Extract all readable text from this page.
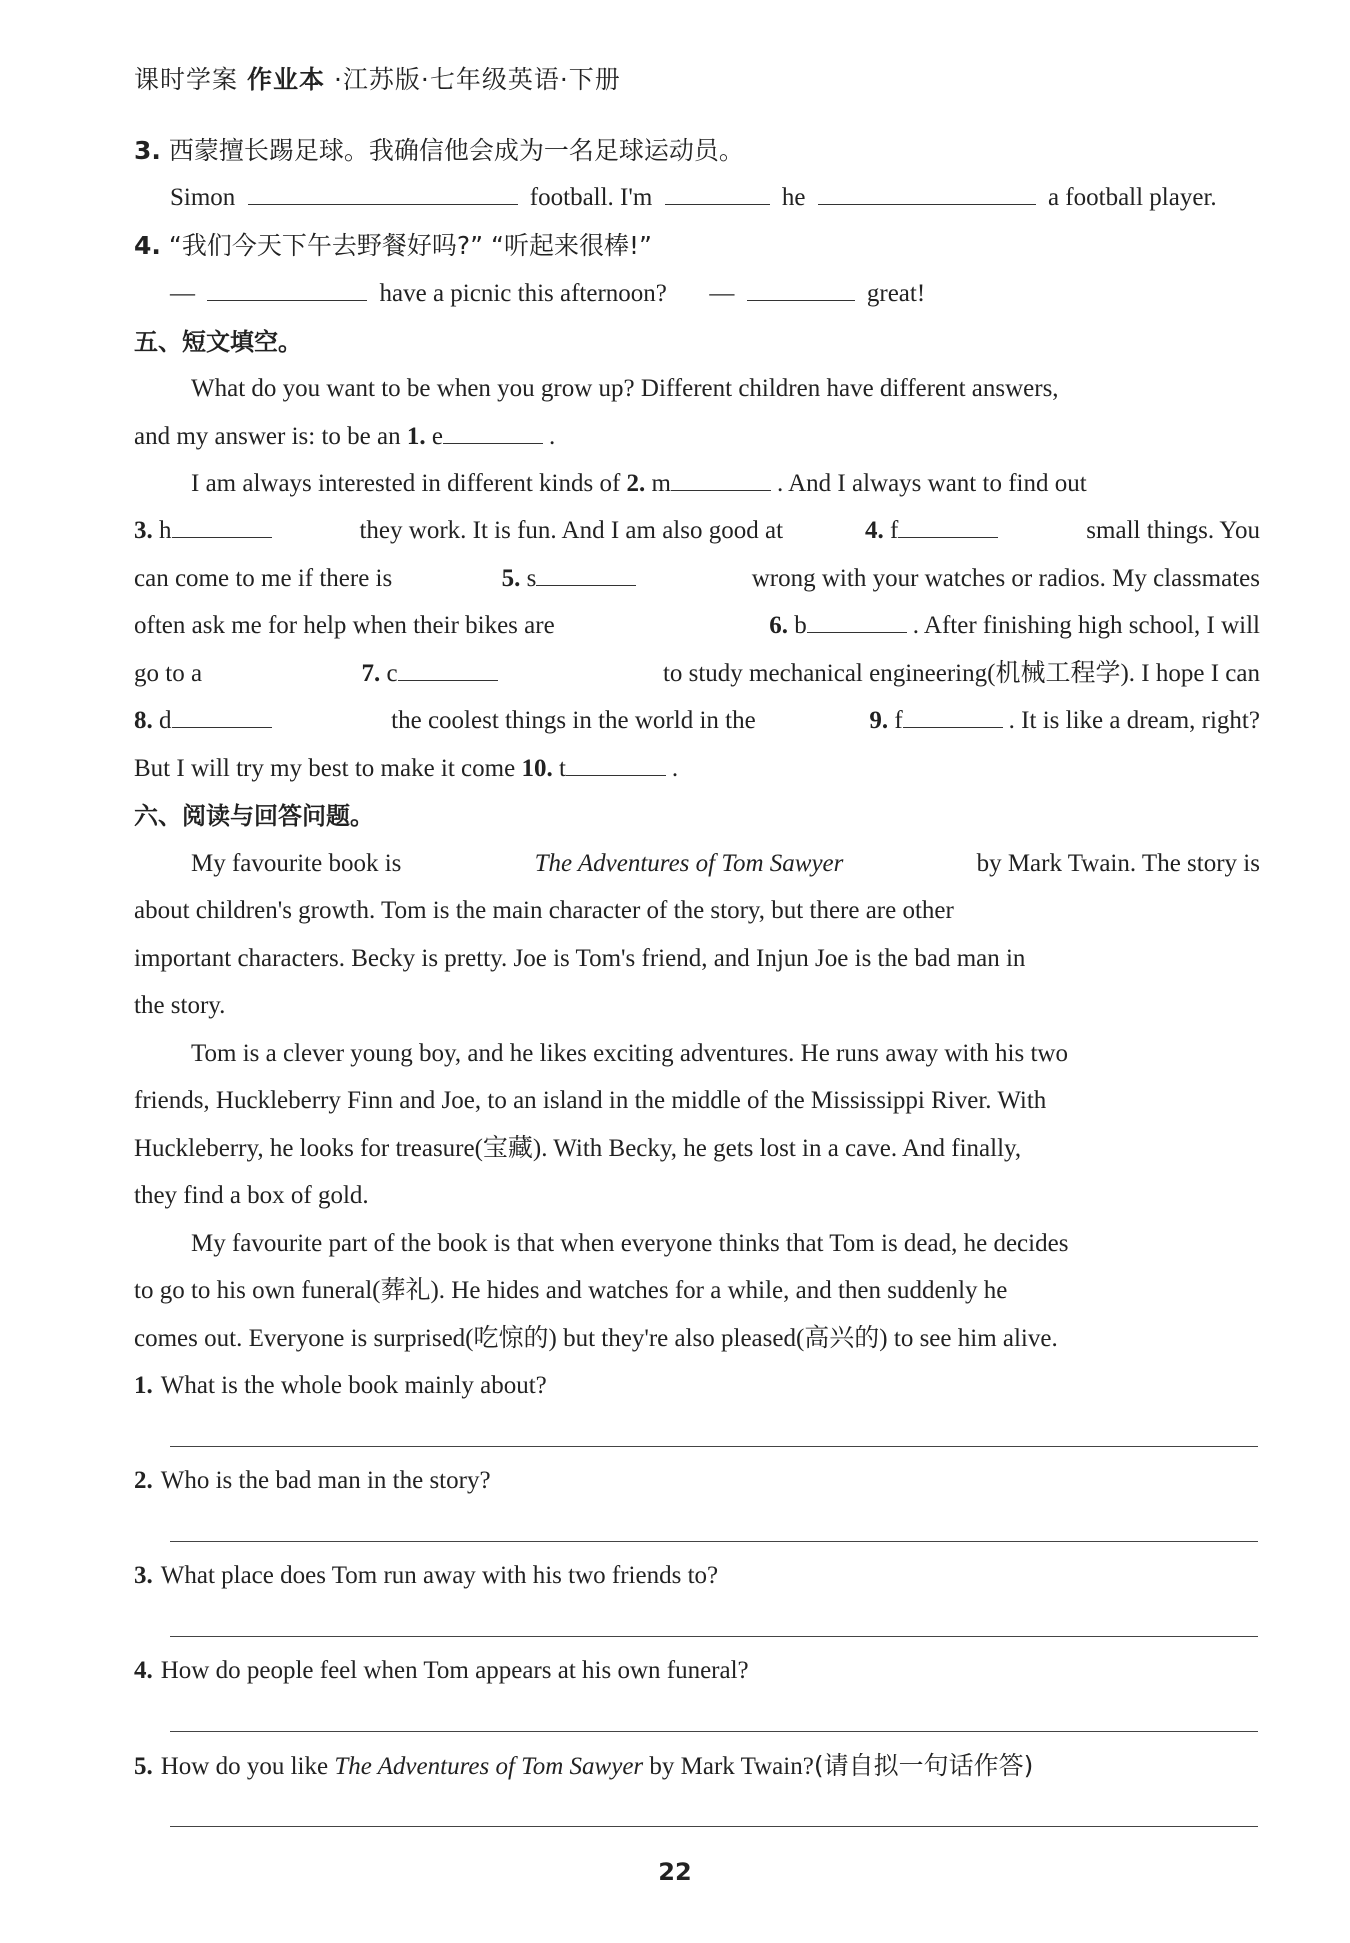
课时学案 作业本 ·江苏版·七年级英语·下册
3. 西蒙擅长踢足球。我确信他会成为一名足球运动员。
Simon	football. I'm	he	a football player.
4. “我们今天下午去野餐好吗?” “听起来很棒!”
—	have a picnic this afternoon? —	great!
五、短文填空。
What do you want to be when you grow up? Different children have different answers,
and my answer is: to be an 1. e	.
I am always interested in different kinds of 2. m	. And I always want to find out
3. h	they work. It is fun. And I am also good at	4. f	small things. You
can come to me if there is	5. s	wrong with your watches or radios. My classmates
often ask me for help when their bikes are	6. b	. After finishing high school, I will
go to a	7. c	to study mechanical engineering(机械工程学). I hope I can
8. d	the coolest things in the world in the	9. f	. It is like a dream, right?
But I will try my best to make it come 10. t	.
六、阅读与回答问题。
My favourite book is	The Adventures of Tom Sawyer	by Mark Twain. The story is
about children's growth. Tom is the main character of the story, but there are other
important characters. Becky is pretty. Joe is Tom's friend, and Injun Joe is the bad man in
the story.
Tom is a clever young boy, and he likes exciting adventures. He runs away with his two
friends, Huckleberry Finn and Joe, to an island in the middle of the Mississippi River. With
Huckleberry, he looks for treasure(宝藏). With Becky, he gets lost in a cave. And finally,
they find a box of gold.
My favourite part of the book is that when everyone thinks that Tom is dead, he decides
to go to his own funeral(葬礼). He hides and watches for a while, and then suddenly he
comes out. Everyone is surprised(吃惊的) but they're also pleased(高兴的) to see him alive.
1. What is the whole book mainly about?
2. Who is the bad man in the story?
3. What place does Tom run away with his two friends to?
4. How do people feel when Tom appears at his own funeral?
5. How do you like The Adventures of Tom Sawyer by Mark Twain?(请自拟一句话作答)
22
